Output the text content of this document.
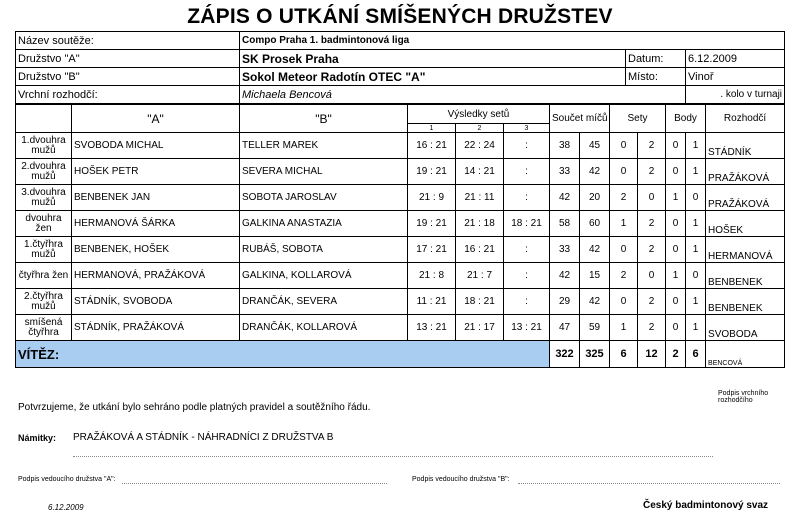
ZÁPIS O UTKÁNÍ SMÍŠENÝCH DRUŽSTEV
Název soutěže:	Compo Praha 1. badmintonová liga		
Družstvo "A"	SK Prosek Praha	Datum:	6.12.2009
Družstvo "B"	Sokol Meteor Radotín OTEC "A"	Místo:	Vinoř
Vrchní rozhodčí:	Michaela Bencová		. kolo v turnaji
	"A"	"B"	Výsledky setů			Součet míčů		Sety		Body		Rozhodčí
			1	2	3							
1.dvouhra mužů	SVOBODA MICHAL	TELLER MAREK	16 : 21	22 : 24	:	38	45	0	2	0	1	STÁDNÍK
2.dvouhra mužů	HOŠEK PETR	SEVERA MICHAL	19 : 21	14 : 21	:	33	42	0	2	0	1	PRAŽÁKOVÁ
3.dvouhra mužů	BENBENEK JAN	SOBOTA JAROSLAV	21 : 9	21 : 11	:	42	20	2	0	1	0	PRAŽÁKOVÁ
dvouhra žen	HERMANOVÁ ŠÁRKA	GALKINA ANASTAZIA	19 : 21	21 : 18	18 : 21	58	60	1	2	0	1	HOŠEK
1.čtyřhra mužů	BENBENEK, HOŠEK	RUBÁŠ, SOBOTA	17 : 21	16 : 21	:	33	42	0	2	0	1	HERMANOVÁ
čtyřhra žen	HERMANOVÁ, PRAŽÁKOVÁ	GALKINA, KOLLAROVÁ	21 : 8	21 : 7	:	42	15	2	0	1	0	BENBENEK
2.čtyřhra mužů	STÁDNÍK, SVOBODA	DRANČÁK, SEVERA	11 : 21	18 : 21	:	29	42	0	2	0	1	BENBENEK
smíšená čtyřhra	STÁDNÍK, PRAŽÁKOVÁ	DRANČÁK, KOLLAROVÁ	13 : 21	21 : 17	13 : 21	47	59	1	2	0	1	SVOBODA
VÍTĚZ:						322	325	6	12	2	6	BENCOVÁ
Podpis vrchního rozhodčího
Potvrzujeme, že utkání bylo sehráno podle platných pravidel a soutěžního řádu.
Námitky: PRAŽÁKOVÁ A STÁDNÍK - NÁHRADNÍCI Z DRUŽSTVA B
Podpis vedoucího družstva "A":	Podpis vedoucího družstva "B":
6.12.2009	Český badmintonový svaz
